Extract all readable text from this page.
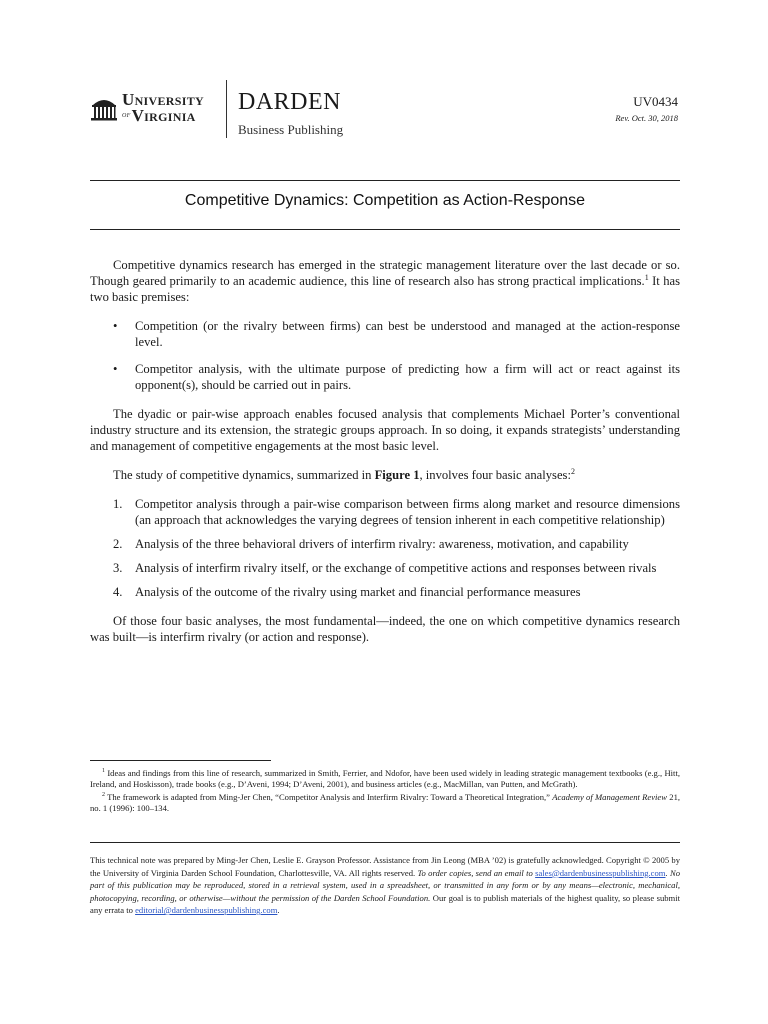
University
$^{of}$Virginia
DARDEN
Business Publishing
UV0434
Rev. Oct. 30, 2018
Competitive Dynamics: Competition as Action-Response

Competitive dynamics research has emerged in the strategic management literature over the last decade or so. Though geared primarily to an academic audience, this line of research also has strong practical implications.$^1$ It has two basic premises:

• Competition (or the rivalry between firms) can best be understood and managed at the action-response level.
• Competitor analysis, with the ultimate purpose of predicting how a firm will act or react against its opponent(s), should be carried out in pairs.

The dyadic or pair-wise approach enables focused analysis that complements Michael Porter’s conventional industry structure and its extension, the strategic groups approach. In so doing, it expands strategists’ understanding and management of competitive engagements at the most basic level.

The study of competitive dynamics, summarized in Figure 1, involves four basic analyses:$^2$

1. Competitor analysis through a pair-wise comparison between firms along market and resource dimensions (an approach that acknowledges the varying degrees of tension inherent in each competitive relationship)
2. Analysis of the three behavioral drivers of interfirm rivalry: awareness, motivation, and capability
3. Analysis of interfirm rivalry itself, or the exchange of competitive actions and responses between rivals
4. Analysis of the outcome of the rivalry using market and financial performance measures

Of those four basic analyses, the most fundamental—indeed, the one on which competitive dynamics research was built—is interfirm rivalry (or action and response).

$^1$ Ideas and findings from this line of research, summarized in Smith, Ferrier, and Ndofor, have been used widely in leading strategic management textbooks (e.g., Hitt, Ireland, and Hoskisson), trade books (e.g., D’Aveni, 1994; D’Aveni, 2001), and business articles (e.g., MacMillan, van Putten, and McGrath).

$^2$ The framework is adapted from Ming-Jer Chen, “Competitor Analysis and Interfirm Rivalry: Toward a Theoretical Integration,” Academy of Management Review 21, no. 1 (1996): 100–134.

This technical note was prepared by Ming-Jer Chen, Leslie E. Grayson Professor. Assistance from Jin Leong (MBA ’02) is gratefully acknowledged. Copyright © 2005 by the University of Virginia Darden School Foundation, Charlottesville, VA. All rights reserved. To order copies, send an email to sales@dardenbusinesspublishing.com. No part of this publication may be reproduced, stored in a retrieval system, used in a spreadsheet, or transmitted in any form or by any means—electronic, mechanical, photocopying, recording, or otherwise—without the permission of the Darden School Foundation. Our goal is to publish materials of the highest quality, so please submit any errata to editorial@dardenbusinesspublishing.com.
